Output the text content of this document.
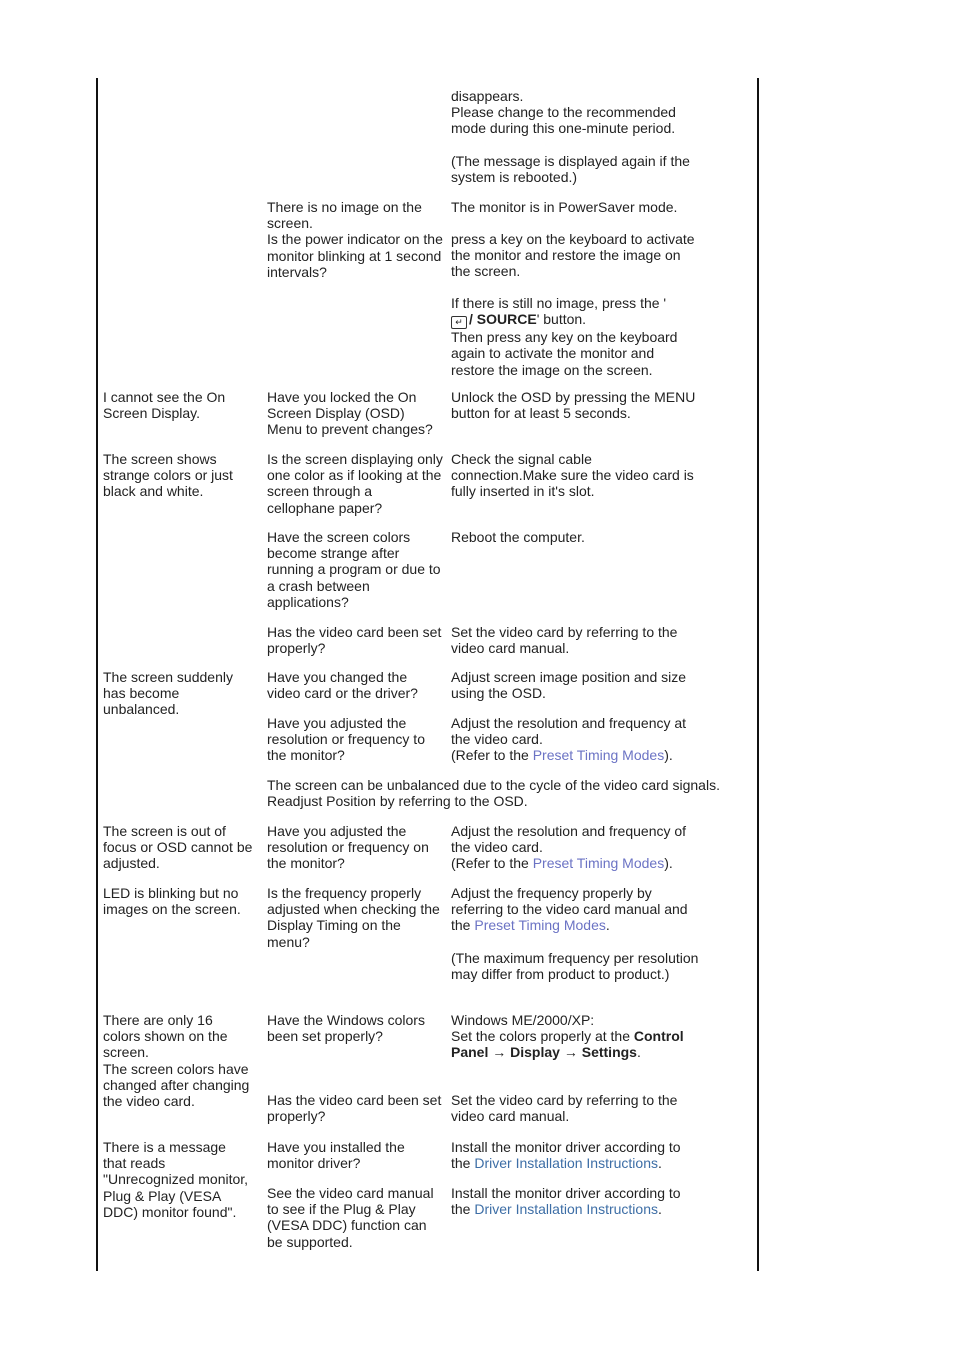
disappears.
Please change to the recommended mode during this one-minute period.

(The message is displayed again if the system is rebooted.)

There is no image on the screen.
Is the power indicator on the monitor blinking at 1 second intervals?

The monitor is in PowerSaver mode.

press a key on the keyboard to activate the monitor and restore the image on the screen.

If there is still no image, press the '
↵ / SOURCE' button.
Then press any key on the keyboard again to activate the monitor and restore the image on the screen.

I cannot see the On Screen Display.

Have you locked the On Screen Display (OSD) Menu to prevent changes?

Unlock the OSD by pressing the MENU button for at least 5 seconds.

The screen shows strange colors or just black and white.

Is the screen displaying only one color as if looking at the screen through a cellophane paper?

Check the signal cable connection.Make sure the video card is fully inserted in it's slot.

Have the screen colors become strange after running a program or due to a crash between applications?

Reboot the computer.

Has the video card been set properly?

Set the video card by referring to the video card manual.

The screen suddenly has become unbalanced.

Have you changed the video card or the driver?

Adjust screen image position and size using the OSD.

Have you adjusted the resolution or frequency to the monitor?

Adjust the resolution and frequency at the video card.
(Refer to the Preset Timing Modes).

The screen can be unbalanced due to the cycle of the video card signals.
Readjust Position by referring to the OSD.

The screen is out of focus or OSD cannot be adjusted.

Have you adjusted the resolution or frequency on the monitor?

Adjust the resolution and frequency of the video card.
(Refer to the Preset Timing Modes).

LED is blinking but no images on the screen.

Is the frequency properly adjusted when checking the Display Timing on the menu?

Adjust the frequency properly by referring to the video card manual and the Preset Timing Modes.

(The maximum frequency per resolution may differ from product to product.)

There are only 16 colors shown on the screen.
The screen colors have changed after changing the video card.

Have the Windows colors been set properly?

Windows ME/2000/XP:
Set the colors properly at the Control Panel → Display → Settings.

Has the video card been set properly?

Set the video card by referring to the video card manual.

There is a message that reads "Unrecognized monitor, Plug & Play (VESA DDC) monitor found".

Have you installed the monitor driver?

Install the monitor driver according to the Driver Installation Instructions.

See the video card manual to see if the Plug & Play (VESA DDC) function can be supported.

Install the monitor driver according to the Driver Installation Instructions.
